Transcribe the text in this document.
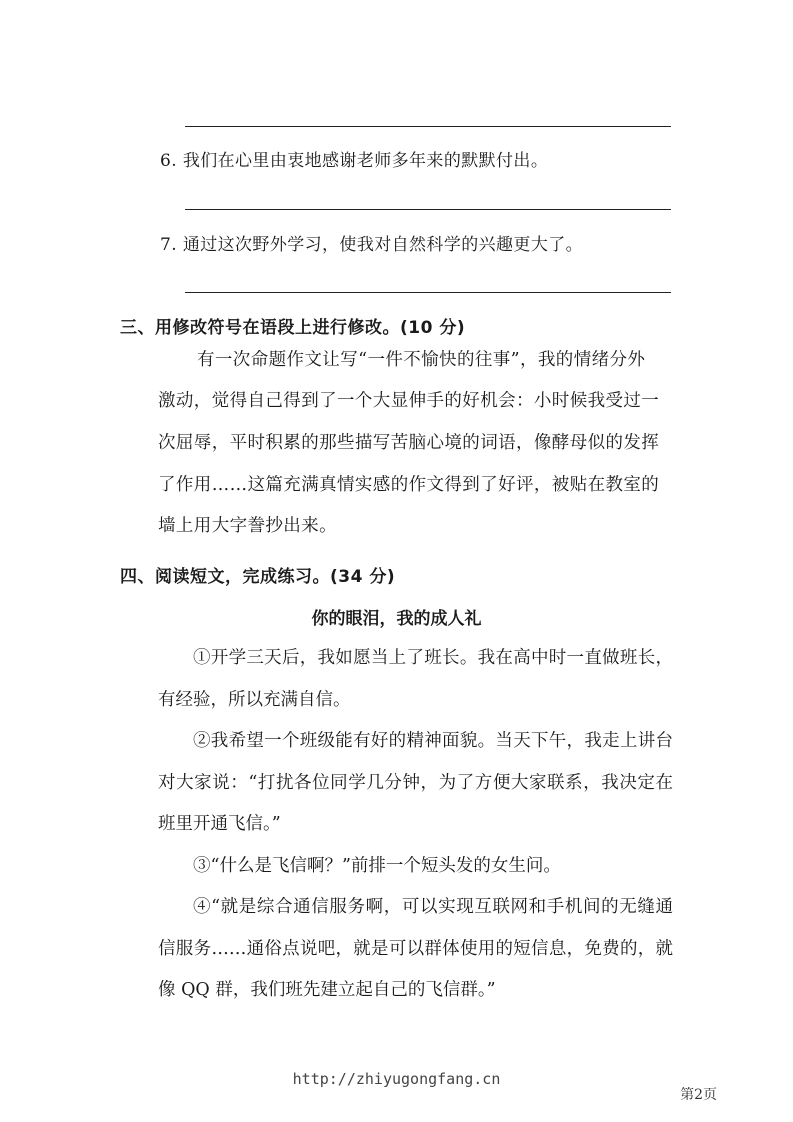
6. 我们在心里由衷地感谢老师多年来的默默付出。
7. 通过这次野外学习，使我对自然科学的兴趣更大了。
三、用修改符号在语段上进行修改。(10 分)
有一次命题作文让写“一件不愉快的往事”，我的情绪分外
激动，觉得自己得到了一个大显伸手的好机会：小时候我受过一
次屈辱，平时积累的那些描写苦脑心境的词语，像酵母似的发挥
了作用……这篇充满真情实感的作文得到了好评，被贴在教室的
墙上用大字誊抄出来。
四、阅读短文，完成练习。(34 分)
你的眼泪，我的成人礼

①开学三天后，我如愿当上了班长。我在高中时一直做班长，有经验，所以充满自信。

②我希望一个班级能有好的精神面貌。当天下午，我走上讲台对大家说：“打扰各位同学几分钟，为了方便大家联系，我决定在班里开通飞信。”

③“什么是飞信啊？”前排一个短头发的女生问。

④“就是综合通信服务啊，可以实现互联网和手机间的无缝通信服务……通俗点说吧，就是可以群体使用的短信息，免费的，就像 QQ 群，我们班先建立起自己的飞信群。”

http://zhiyugongfang.cn
第2页
